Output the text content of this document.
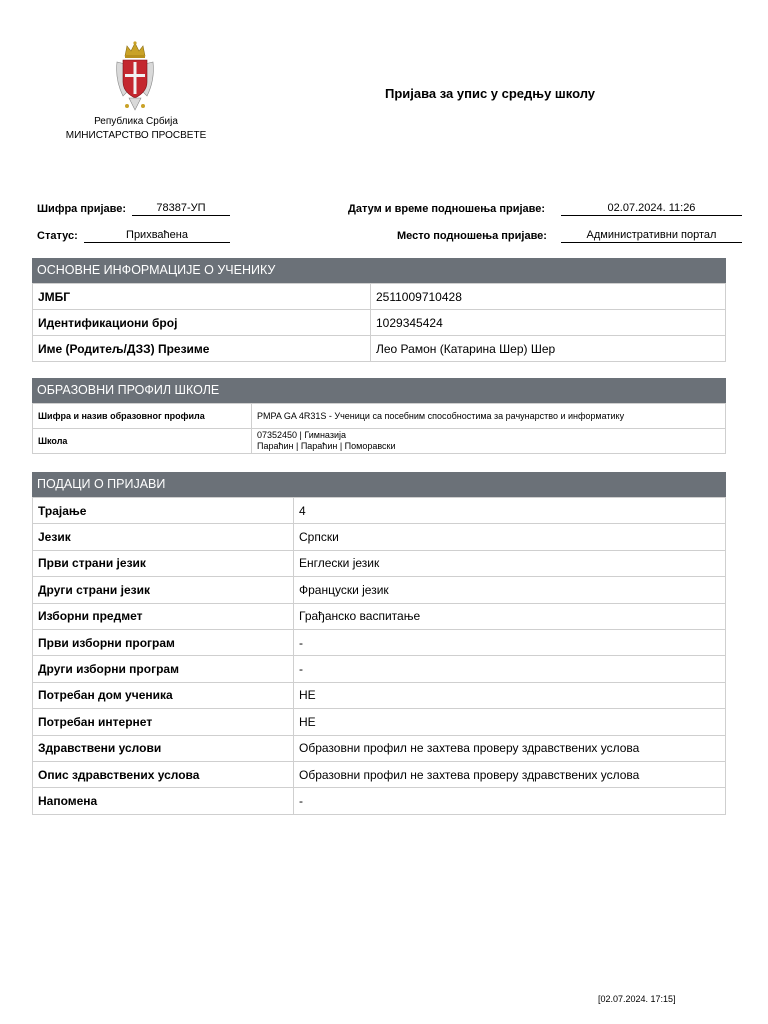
Република Србија
МИНИСТАРСТВО ПРОСВЕТЕ
Пријава за упис у средњу школу
Шифра пријаве:	78387-УП
Статус:	Прихваћена
Датум и време подношења пријаве:	02.07.2024. 11:26
Место подношења пријаве:	Административни портал
ОСНОВНЕ ИНФОРМАЦИЈЕ О УЧЕНИКУ
ЈМБГ	2511009710428
Идентификациони број	1029345424
Име (Родитељ/ДЗЗ) Презиме	Лео Рамон (Катарина Шер) Шер
ОБРАЗОВНИ ПРОФИЛ ШКОЛЕ
Шифра и назив образовног профила	PMPA GA 4R31S - Ученици са посебним способностима за рачунарство и информатику
Школа	07352450 | Гимназија
Параћин | Параћин | Поморавски
ПОДАЦИ О ПРИЈАВИ
Трајање	4
Језик	Српски
Први страни језик	Енглески језик
Други страни језик	Француски језик
Изборни предмет	Грађанско васпитање
Први изборни програм	-
Други изборни програм	-
Потребан дом ученика	НЕ
Потребан интернет	НЕ
Здравствени услови	Образовни профил не захтева проверу здравствених услова
Опис здравствених услова	Образовни профил не захтева проверу здравствених услова
Напомена	-
[02.07.2024. 17:15]
